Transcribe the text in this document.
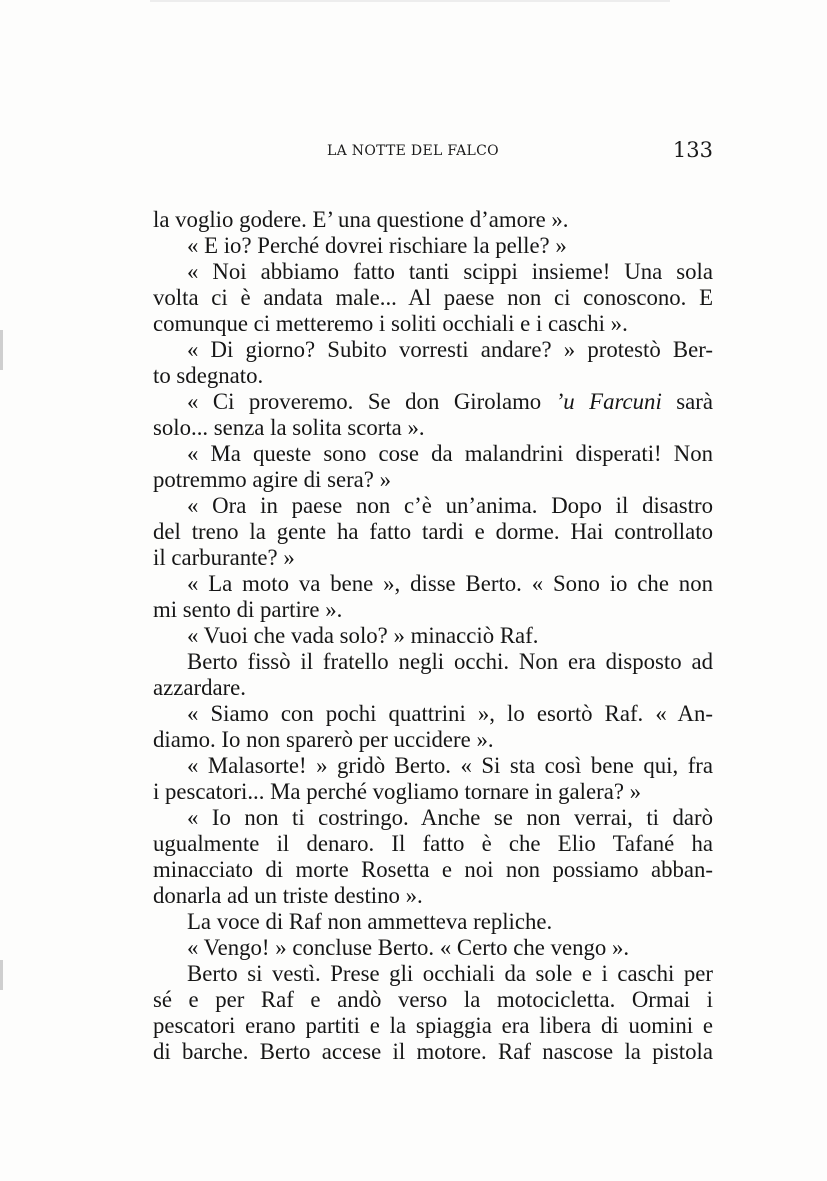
LA NOTTE DEL FALCO	133
la voglio godere. E’ una questione d’amore ».
« E io? Perché dovrei rischiare la pelle? »
« Noi abbiamo fatto tanti scippi insieme! Una sola
volta ci è andata male... Al paese non ci conoscono. E
comunque ci metteremo i soliti occhiali e i caschi ».
« Di giorno? Subito vorresti andare? » protestò Ber-
to sdegnato.
« Ci proveremo. Se don Girolamo ’u Farcuni sarà
solo... senza la solita scorta ».
« Ma queste sono cose da malandrini disperati! Non
potremmo agire di sera? »
« Ora in paese non c’è un’anima. Dopo il disastro
del treno la gente ha fatto tardi e dorme. Hai controllato
il carburante? »
« La moto va bene », disse Berto. « Sono io che non
mi sento di partire ».
« Vuoi che vada solo? » minacciò Raf.
Berto fissò il fratello negli occhi. Non era disposto ad
azzardare.
« Siamo con pochi quattrini », lo esortò Raf. « An-
diamo. Io non sparerò per uccidere ».
« Malasorte! » gridò Berto. « Si sta così bene qui, fra
i pescatori... Ma perché vogliamo tornare in galera? »
« Io non ti costringo. Anche se non verrai, ti darò
ugualmente il denaro. Il fatto è che Elio Tafané ha
minacciato di morte Rosetta e noi non possiamo abban-
donarla ad un triste destino ».
La voce di Raf non ammetteva repliche.
« Vengo! » concluse Berto. « Certo che vengo ».
Berto si vestì. Prese gli occhiali da sole e i caschi per
sé e per Raf e andò verso la motocicletta. Ormai i
pescatori erano partiti e la spiaggia era libera di uomini e
di barche. Berto accese il motore. Raf nascose la pistola
